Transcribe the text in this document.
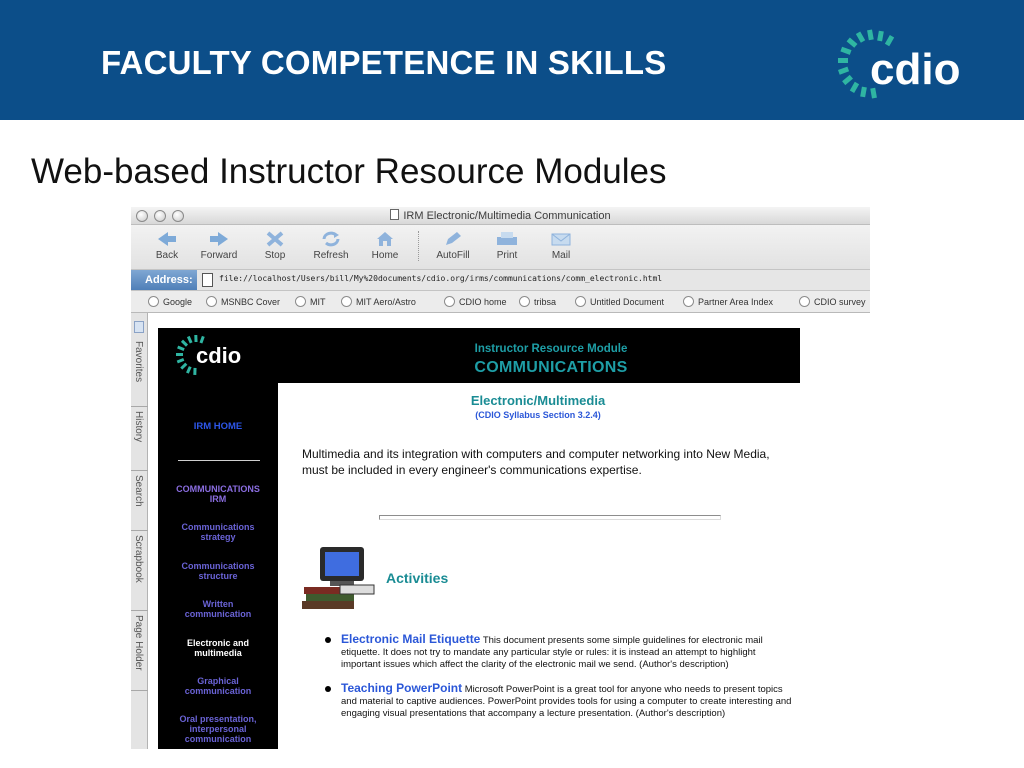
FACULTY COMPETENCE IN SKILLS	cdio
Web-based Instructor Resource Modules
IRM Electronic/Multimedia Communication
Back	Forward	Stop	Refresh	Home	AutoFill	Print	Mail
Address:	file://localhost/Users/bill/My%20documents/cdio.org/irms/communications/comm_electronic.html
Google	MSNBC Cover	MIT	MIT Aero/Astro	CDIO home	tribsa	Untitled Document	Partner Area Index	CDIO survey
Favorites
History
Search
Scrapbook
Page Holder
cdio	Instructor Resource Module
COMMUNICATIONS
IRM HOME
COMMUNICATIONS IRM
Communications strategy
Communications structure
Written communication
Electronic and multimedia
Graphical communication
Oral presentation, interpersonal communication
Electronic/Multimedia
(CDIO Syllabus Section 3.2.4)
Multimedia and its integration with computers and computer networking into New Media, must be included in every engineer's communications expertise.
Activities
Electronic Mail Etiquette This document presents some simple guidelines for electronic mail etiquette. It does not try to mandate any particular style or rules: it is instead an attempt to highlight important issues which affect the clarity of the electronic mail we send. (Author's description)
Teaching PowerPoint Microsoft PowerPoint is a great tool for anyone who needs to present topics and material to captive audiences. PowerPoint provides tools for using a computer to create interesting and engaging visual presentations that accompany a lecture presentation. (Author's description)
